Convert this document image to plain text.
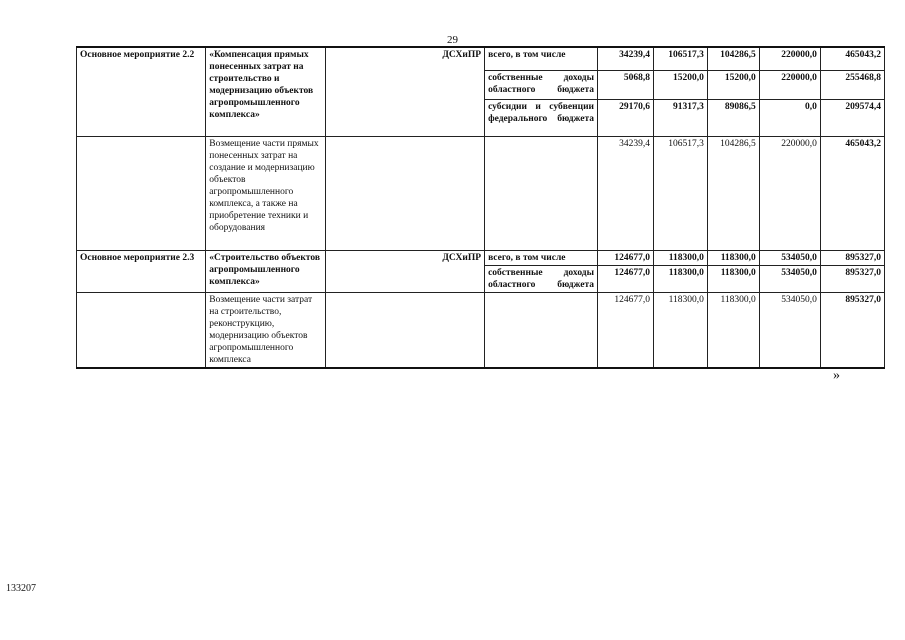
29
Основное мероприятие 2.2	«Компенсация прямых понесенных затрат на строительство и модернизацию объектов агропромышленного комплекса»	ДСХиПР	всего, в том числе	34239,4	106517,3	104286,5	220000,0	465043,2
			собственные доходы областного бюджета	5068,8	15200,0	15200,0	220000,0	255468,8
			субсидии и субвенции федерального бюджета	29170,6	91317,3	89086,5	0,0	209574,4
	Возмещение части прямых понесенных затрат на создание и модернизацию объектов агропромышленного комплекса, а также на приобретение техники и оборудования			34239,4	106517,3	104286,5	220000,0	465043,2
Основное мероприятие 2.3	«Строительство объектов агропромышленного комплекса»	ДСХиПР	всего, в том числе	124677,0	118300,0	118300,0	534050,0	895327,0
			собственные доходы областного бюджета	124677,0	118300,0	118300,0	534050,0	895327,0
	Возмещение части затрат на строительство, реконструкцию, модернизацию объектов агропромышленного комплекса			124677,0	118300,0	118300,0	534050,0	895327,0
»
133207
